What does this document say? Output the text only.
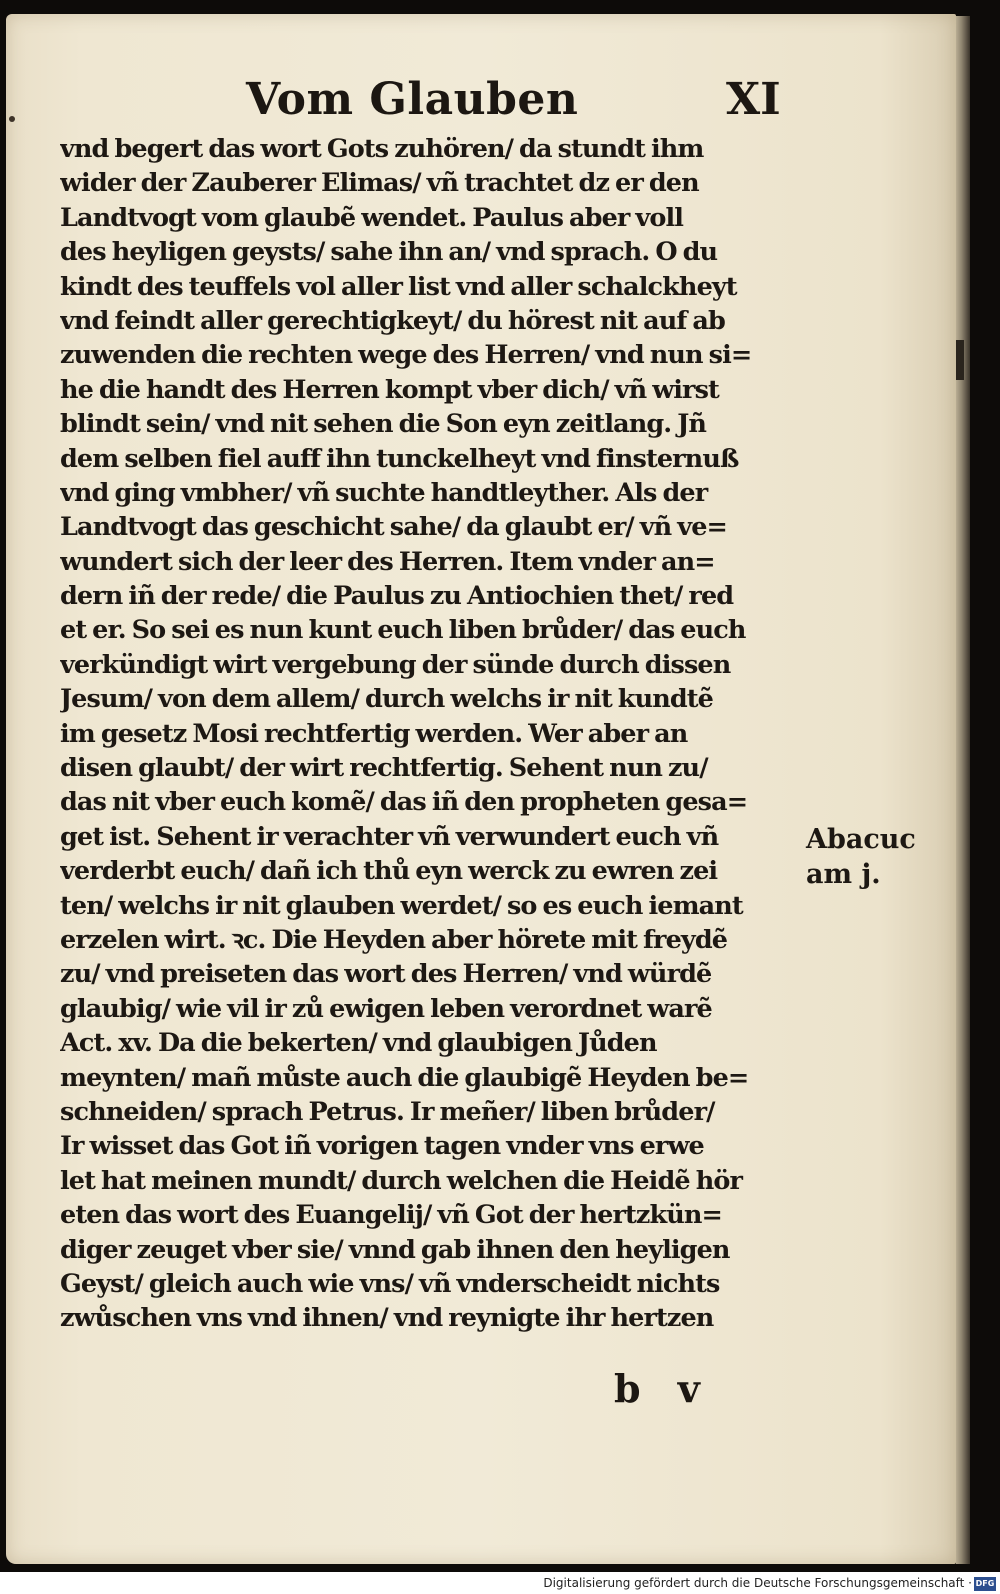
Vom Glauben	XI
vnd begert das wort Gots zuhören/ da stundt ihm
wider der Zauberer Elimas/ vñ trachtet dz er den
Landtvogt vom glaubẽ wendet. Paulus aber voll
des heyligen geysts/ sahe ihn an/ vnd sprach. O du
kindt des teuffels vol aller list vnd aller schalckheyt
vnd feindt aller gerechtigkeyt/ du hörest nit auf ab
zuwenden die rechten wege des Herren/ vnd nun si=
he die handt des Herren kompt vber dich/ vñ wirst
blindt sein/ vnd nit sehen die Son eyn zeitlang. Jñ
dem selben fiel auff ihn tunckelheyt vnd finsternuß
vnd ging vmbher/ vñ suchte handtleyther. Als der
Landtvogt das geschicht sahe/ da glaubt er/ vñ ve=
wundert sich der leer des Herren. Item vnder an=
dern iñ der rede/ die Paulus zu Antiochien thet/ red
et er. So sei es nun kunt euch liben brůder/ das euch
verkündigt wirt vergebung der sünde durch dissen
Jesum/ von dem allem/ durch welchs ir nit kundtẽ
im gesetz Mosi rechtfertig werden. Wer aber an
disen glaubt/ der wirt rechtfertig. Sehent nun zu/
das nit vber euch komẽ/ das iñ den propheten gesa=
get ist. Sehent ir verachter vñ verwundert euch vñ
verderbt euch/ dañ ich thů eyn werck zu ewren zei
ten/ welchs ir nit glauben werdet/ so es euch iemant
erzelen wirt. ꝛc. Die Heyden aber hörete mit freydẽ
zu/ vnd preiseten das wort des Herren/ vnd würdẽ
glaubig/ wie vil ir zů ewigen leben verordnet warẽ
Act. xv. Da die bekerten/ vnd glaubigen Jůden
meynten/ mañ můste auch die glaubigẽ Heyden be=
schneiden/ sprach Petrus. Ir meñer/ liben brůder/
Ir wisset das Got iñ vorigen tagen vnder vns erwe
let hat meinen mundt/ durch welchen die Heidẽ hör
eten das wort des Euangelij/ vñ Got der hertzkün=
diger zeuget vber sie/ vnnd gab ihnen den heyligen
Geyst/ gleich auch wie vns/ vñ vnderscheidt nichts
zwůschen vns vnd ihnen/ vnd reynigte ihr hertzen
Abacuc
am j.
b v
Digitalisierung gefördert durch die Deutsche Forschungsgemeinschaft · DFG
